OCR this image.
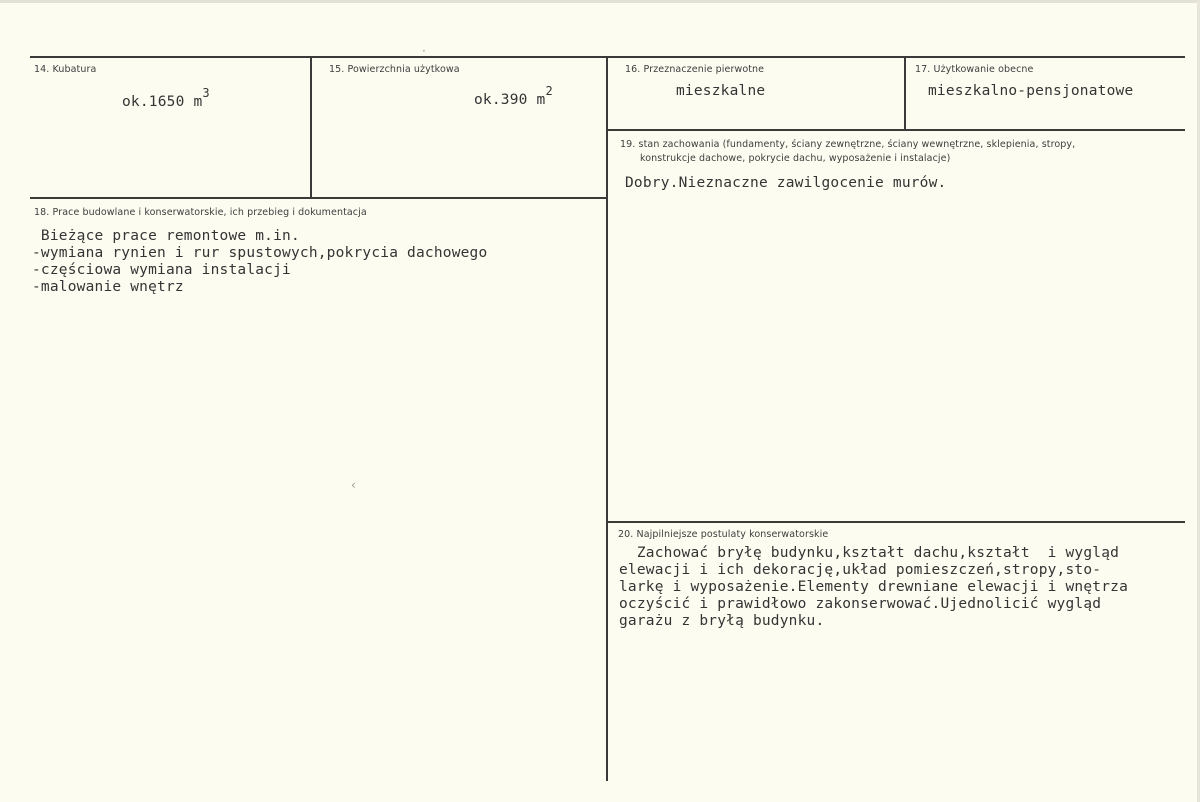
14. Kubatura
ok.1650 $m^3$
15. Powierzchnia użytkowa
ok.390 $m^2$
16. Przeznaczenie pierwotne
mieszkalne
17. Użytkowanie obecne
mieszkalno-pensjonatowe
18. Prace budowlane i konserwatorskie, ich przebieg i dokumentacja
Bieżące prace remontowe m.in.
-wymiana rynien i rur spustowych,pokrycia dachowego
-częściowa wymiana instalacji
-malowanie wnętrz
19. stan zachowania (fundamenty, ściany zewnętrzne, ściany wewnętrzne, sklepienia, stropy,
konstrukcje dachowe, pokrycie dachu, wyposażenie i instalacje)
Dobry.Nieznaczne zawilgocenie murów.
20. Najpilniejsze postulaty konserwatorskie
Zachować bryłę budynku,kształt dachu,kształt  i wygląd
elewacji i ich dekorację,układ pomieszczeń,stropy,sto-
larkę i wyposażenie.Elementy drewniane elewacji i wnętrza
oczyścić i prawidłowo zakonserwować.Ujednolicić wygląd
garażu z bryłą budynku.
·
‹
